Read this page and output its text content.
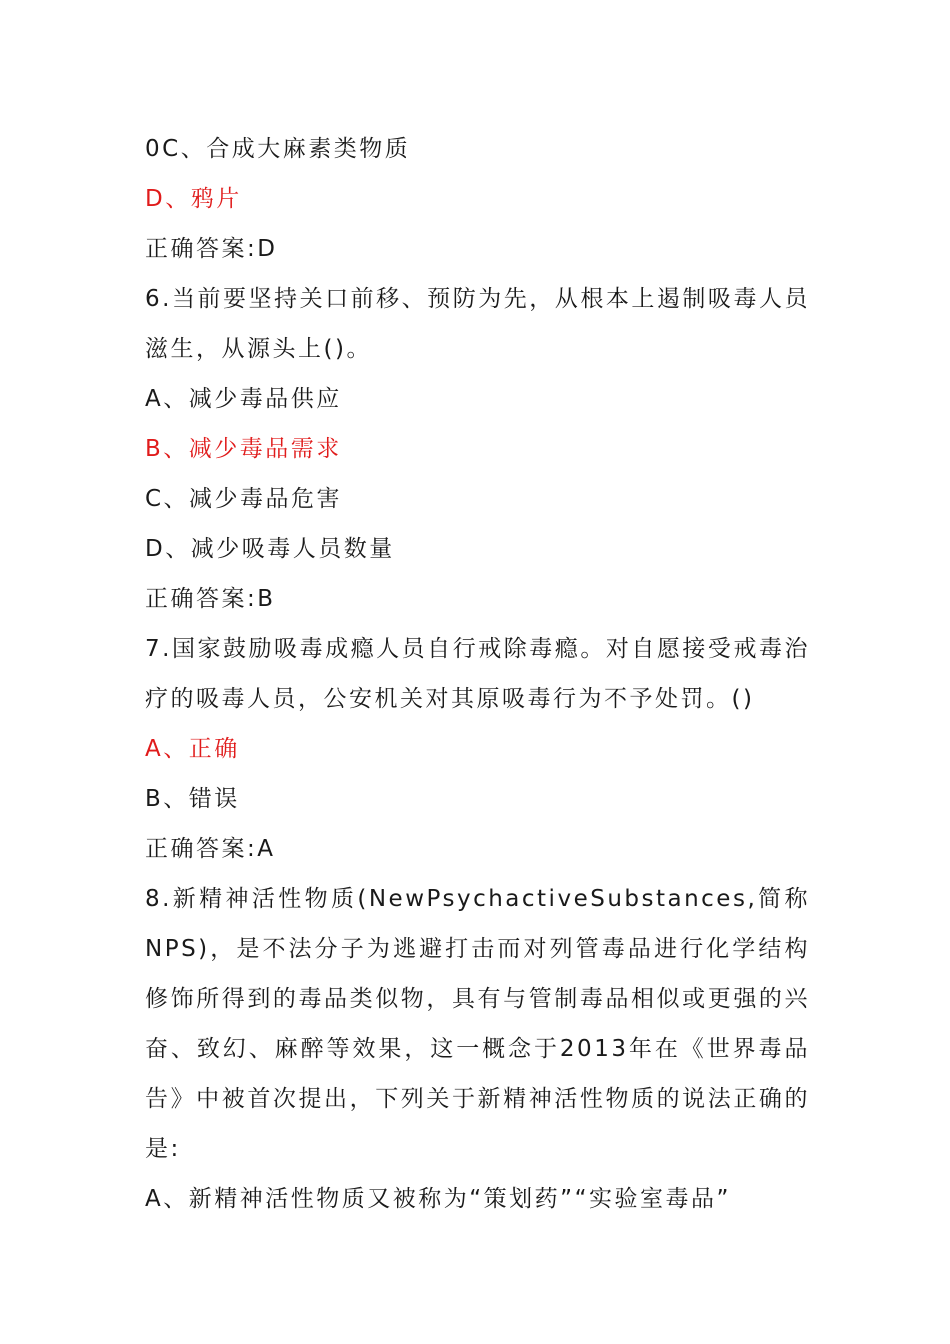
0C、合成大麻素类物质
D、鸦片
正确答案:D
6.当前要坚持关口前移、预防为先，从根本上遏制吸毒人员
滋生，从源头上()。
A、减少毒品供应
B、减少毒品需求
C、减少毒品危害
D、减少吸毒人员数量
正确答案:B
7.国家鼓励吸毒成瘾人员自行戒除毒瘾。对自愿接受戒毒治
疗的吸毒人员，公安机关对其原吸毒行为不予处罚。()
A、正确
B、错误
正确答案:A
8.新精神活性物质(NewPsychactiveSubstances,简称
NPS)，是不法分子为逃避打击而对列管毒品进行化学结构
修饰所得到的毒品类似物，具有与管制毒品相似或更强的兴
奋、致幻、麻醉等效果，这一概念于2013年在《世界毒品
告》中被首次提出，下列关于新精神活性物质的说法正确的
是:
A、新精神活性物质又被称为“策划药”“实验室毒品”
